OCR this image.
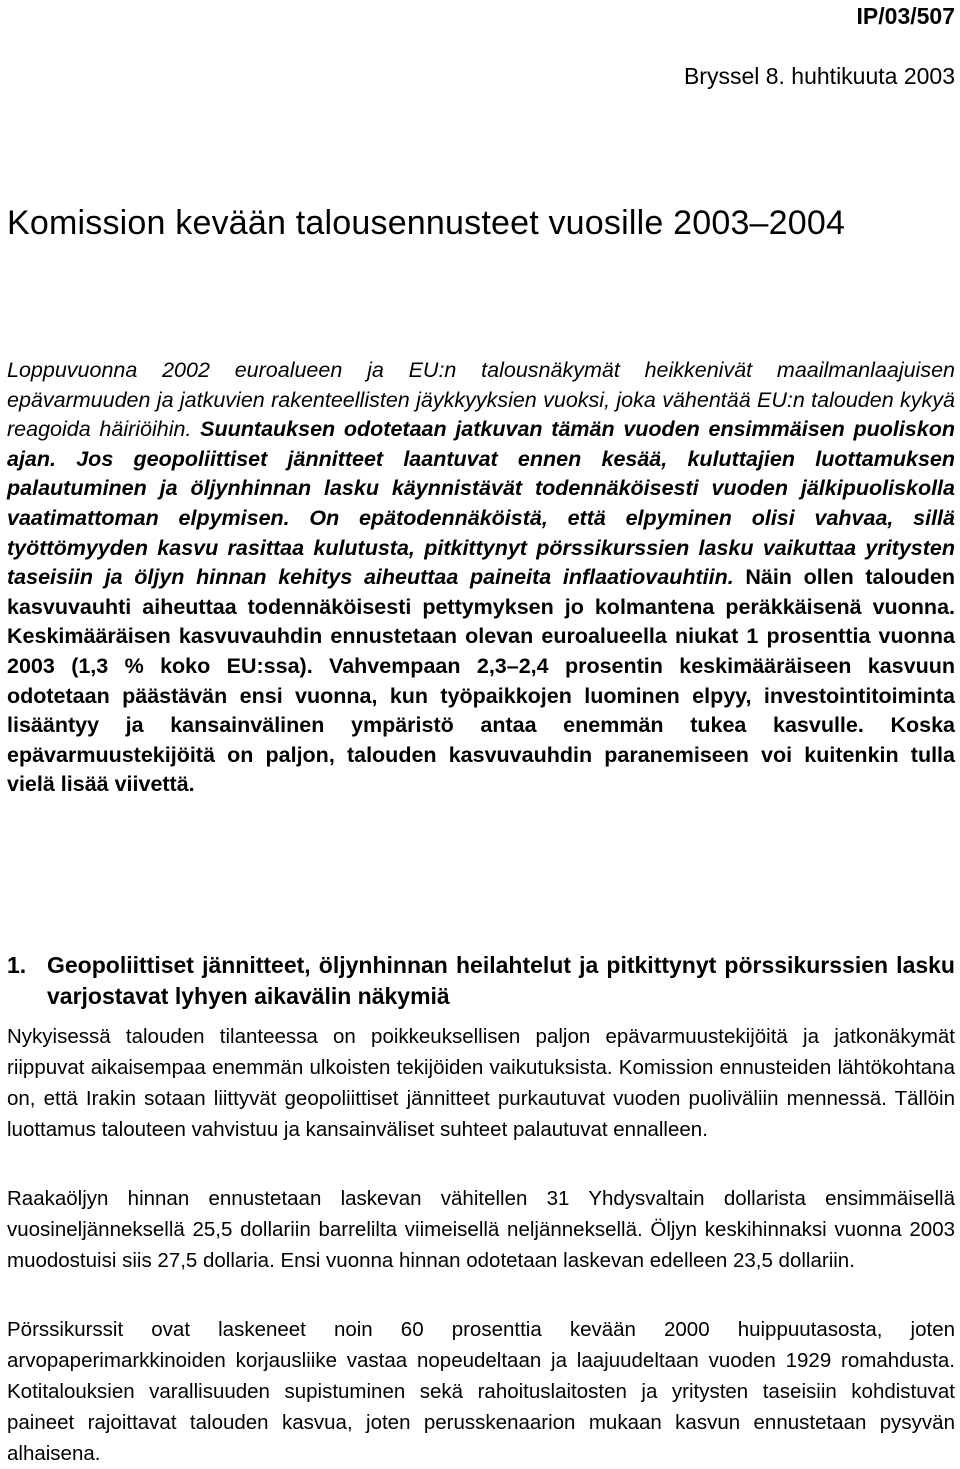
IP/03/507
Bryssel 8. huhtikuuta 2003
Komission kevään talousennusteet vuosille 2003–2004

Loppuvuonna 2002 euroalueen ja EU:n talousnäkymät heikkenivät maailmanlaajuisen epävarmuuden ja jatkuvien rakenteellisten jäykkyyksien vuoksi, joka vähentää EU:n talouden kykyä reagoida häiriöihin. Suuntauksen odotetaan jatkuvan tämän vuoden ensimmäisen puoliskon ajan. Jos geopoliittiset jännitteet laantuvat ennen kesää, kuluttajien luottamuksen palautuminen ja öljynhinnan lasku käynnistävät todennäköisesti vuoden jälkipuoliskolla vaatimattoman elpymisen. On epätodennäköistä, että elpyminen olisi vahvaa, sillä työttömyyden kasvu rasittaa kulutusta, pitkittynyt pörssikurssien lasku vaikuttaa yritysten taseisiin ja öljyn hinnan kehitys aiheuttaa paineita inflaatiovauhtiin. Näin ollen talouden kasvuvauhti aiheuttaa todennäköisesti pettymyksen jo kolmantena peräkkäisenä vuonna. Keskimääräisen kasvuvauhdin ennustetaan olevan euroalueella niukat 1 prosenttia vuonna 2003 (1,3 % koko EU:ssa). Vahvempaan 2,3–2,4 prosentin keskimääräiseen kasvuun odotetaan päästävän ensi vuonna, kun työpaikkojen luominen elpyy, investointitoiminta lisääntyy ja kansainvälinen ympäristö antaa enemmän tukea kasvulle. Koska epävarmuustekijöitä on paljon, talouden kasvuvauhdin paranemiseen voi kuitenkin tulla vielä lisää viivettä.

1. Geopoliittiset jännitteet, öljynhinnan heilahtelut ja pitkittynyt pörssikurssien lasku varjostavat lyhyen aikavälin näkymiä

Nykyisessä talouden tilanteessa on poikkeuksellisen paljon epävarmuustekijöitä ja jatkonäkymät riippuvat aikaisempaa enemmän ulkoisten tekijöiden vaikutuksista. Komission ennusteiden lähtökohtana on, että Irakin sotaan liittyvät geopoliittiset jännitteet purkautuvat vuoden puoliväliin mennessä. Tällöin luottamus talouteen vahvistuu ja kansainväliset suhteet palautuvat ennalleen.

Raakaöljyn hinnan ennustetaan laskevan vähitellen 31 Yhdysvaltain dollarista ensimmäisellä vuosineljänneksellä 25,5 dollariin barrelilta viimeisellä neljänneksellä. Öljyn keskihinnaksi vuonna 2003 muodostuisi siis 27,5 dollaria. Ensi vuonna hinnan odotetaan laskevan edelleen 23,5 dollariin.

Pörssikurssit ovat laskeneet noin 60 prosenttia kevään 2000 huippuutasosta, joten arvopaperimarkkinoiden korjausliike vastaa nopeudeltaan ja laajuudeltaan vuoden 1929 romahdusta. Kotitalouksien varallisuuden supistuminen sekä rahoituslaitosten ja yritysten taseisiin kohdistuvat paineet rajoittavat talouden kasvua, joten perusskenaarion mukaan kasvun ennustetaan pysyvän alhaisena.
